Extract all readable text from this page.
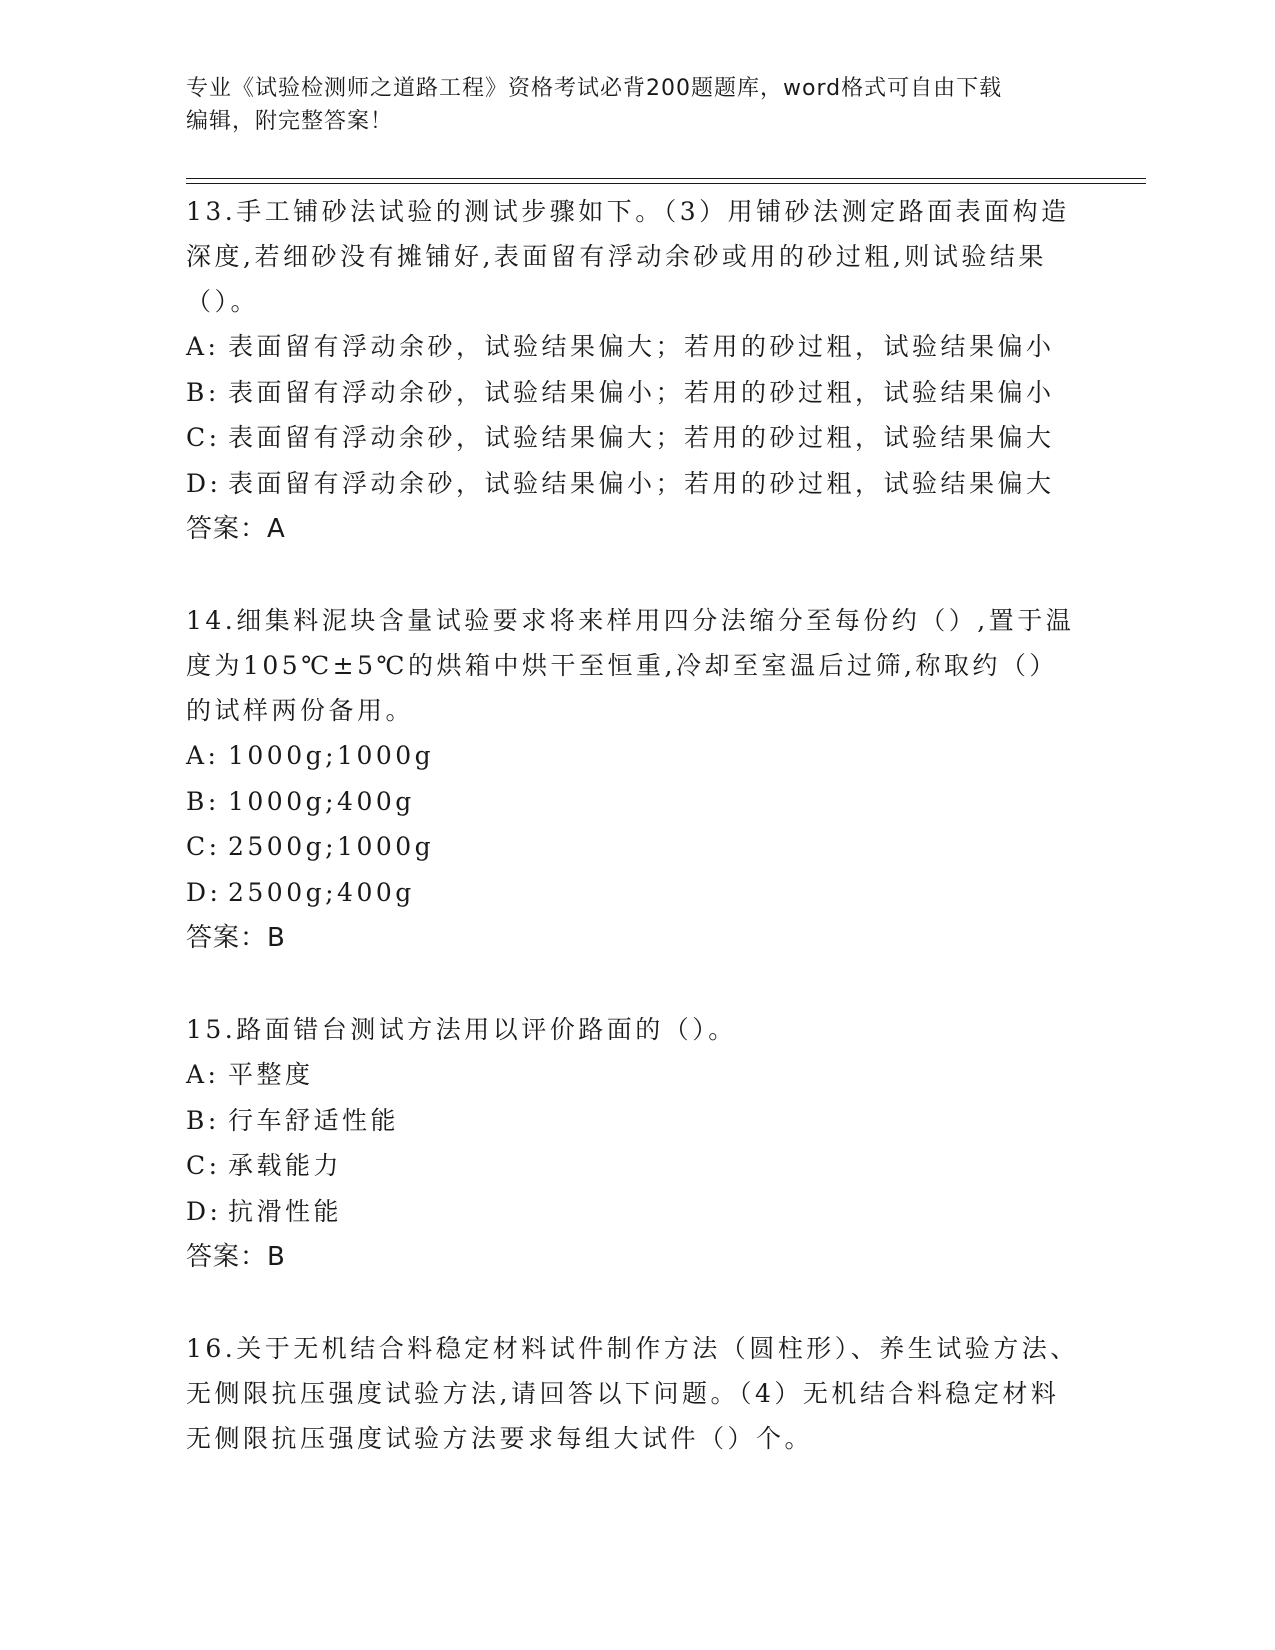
专业《试验检测师之道路工程》资格考试必背200题题库，word格式可自由下载
编辑，附完整答案！

13.手工铺砂法试验的测试步骤如下。（3）用铺砂法测定路面表面构造深度,若细砂没有摊铺好,表面留有浮动余砂或用的砂过粗,则试验结果（）。

A: 表面留有浮动余砂，试验结果偏大；若用的砂过粗，试验结果偏小
B: 表面留有浮动余砂，试验结果偏小；若用的砂过粗，试验结果偏小
C: 表面留有浮动余砂，试验结果偏大；若用的砂过粗，试验结果偏大
D: 表面留有浮动余砂，试验结果偏小；若用的砂过粗，试验结果偏大
答案：A

14.细集料泥块含量试验要求将来样用四分法缩分至每份约（）,置于温度为105℃±5℃的烘箱中烘干至恒重,冷却至室温后过筛,称取约（）的试样两份备用。

A: 1000g;1000g
B: 1000g;400g
C: 2500g;1000g
D: 2500g;400g
答案：B

15.路面错台测试方法用以评价路面的（）。

A: 平整度
B: 行车舒适性能
C: 承载能力
D: 抗滑性能
答案：B

16.关于无机结合料稳定材料试件制作方法（圆柱形）、养生试验方法、无侧限抗压强度试验方法,请回答以下问题。（4）无机结合料稳定材料无侧限抗压强度试验方法要求每组大试件（）个。
